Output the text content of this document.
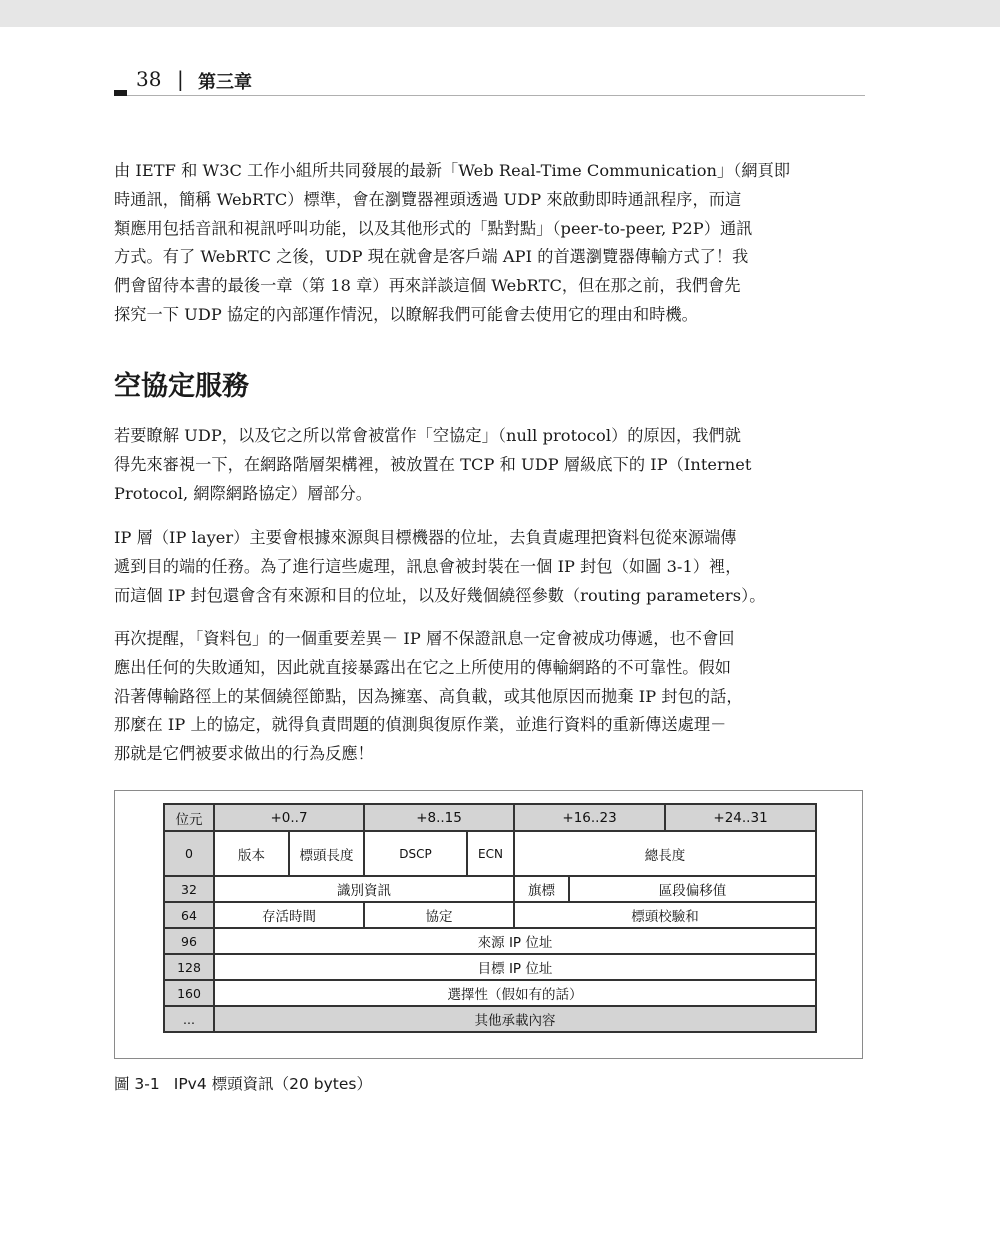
38 | 第三章

由 IETF 和 W3C 工作小組所共同發展的最新「Web Real-Time Communication」（網頁即
時通訊，簡稱 WebRTC）標準，會在瀏覽器裡頭透過 UDP 來啟動即時通訊程序，而這
類應用包括音訊和視訊呼叫功能，以及其他形式的「點對點」（peer-to-peer, P2P）通訊
方式。有了 WebRTC 之後，UDP 現在就會是客戶端 API 的首選瀏覽器傳輸方式了！我
們會留待本書的最後一章（第 18 章）再來詳談這個 WebRTC，但在那之前，我們會先
探究一下 UDP 協定的內部運作情況，以瞭解我們可能會去使用它的理由和時機。

空協定服務

若要瞭解 UDP，以及它之所以常會被當作「空協定」（null protocol）的原因，我們就
得先來審視一下，在網路階層架構裡，被放置在 TCP 和 UDP 層級底下的 IP（Internet
Protocol, 網際網路協定）層部分。

IP 層（IP layer）主要會根據來源與目標機器的位址，去負責處理把資料包從來源端傳
遞到目的端的任務。為了進行這些處理，訊息會被封裝在一個 IP 封包（如圖 3-1）裡，
而這個 IP 封包還會含有來源和目的位址，以及好幾個繞徑參數（routing parameters）。

再次提醒，「資料包」的一個重要差異－ IP 層不保證訊息一定會被成功傳遞，也不會回
應出任何的失敗通知，因此就直接暴露出在它之上所使用的傳輸網路的不可靠性。假如
沿著傳輸路徑上的某個繞徑節點，因為擁塞、高負載，或其他原因而拋棄 IP 封包的話，
那麼在 IP 上的協定，就得負責問題的偵測與復原作業，並進行資料的重新傳送處理－
那就是它們被要求做出的行為反應！

位元	+0..7		+8..15		+16..23		+24..31
0	版本	標頭長度	DSCP	ECN	總長度		
32	識別資訊				旗標	區段偏移值	
64	存活時間		協定		標頭校驗和		
96	來源 IP 位址						
128	目標 IP 位址						
160	選擇性（假如有的話）						
...	其他承載內容						

圖 3-1 IPv4 標頭資訊（20 bytes）
